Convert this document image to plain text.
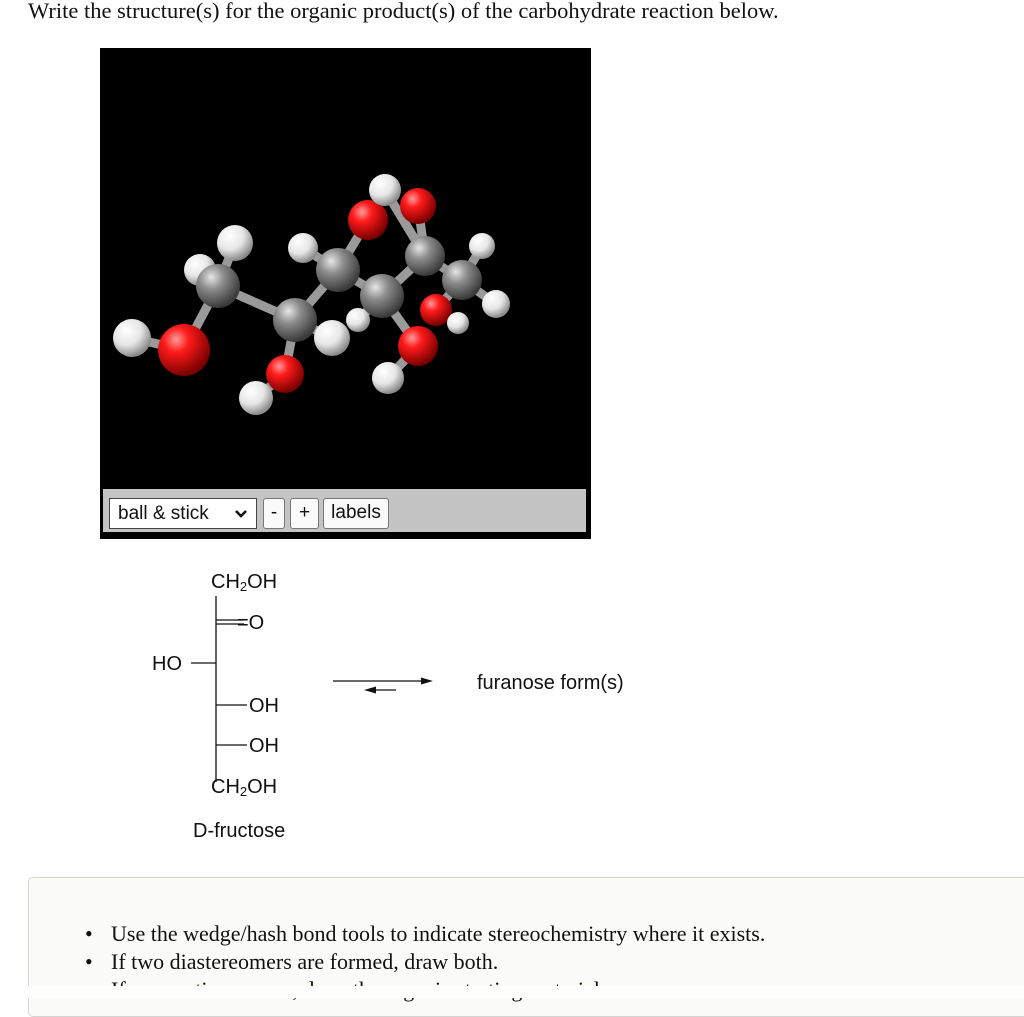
Write the structure(s) for the organic product(s) of the carbohydrate reaction below.
ball & stick	-	+	labels
$CH_2OH$
=O
HO
OH
OH
$CH_2OH$
D-fructose
furanose form(s)
• Use the wedge/hash bond tools to indicate stereochemistry where it exists.
• If two diastereomers are formed, draw both.
